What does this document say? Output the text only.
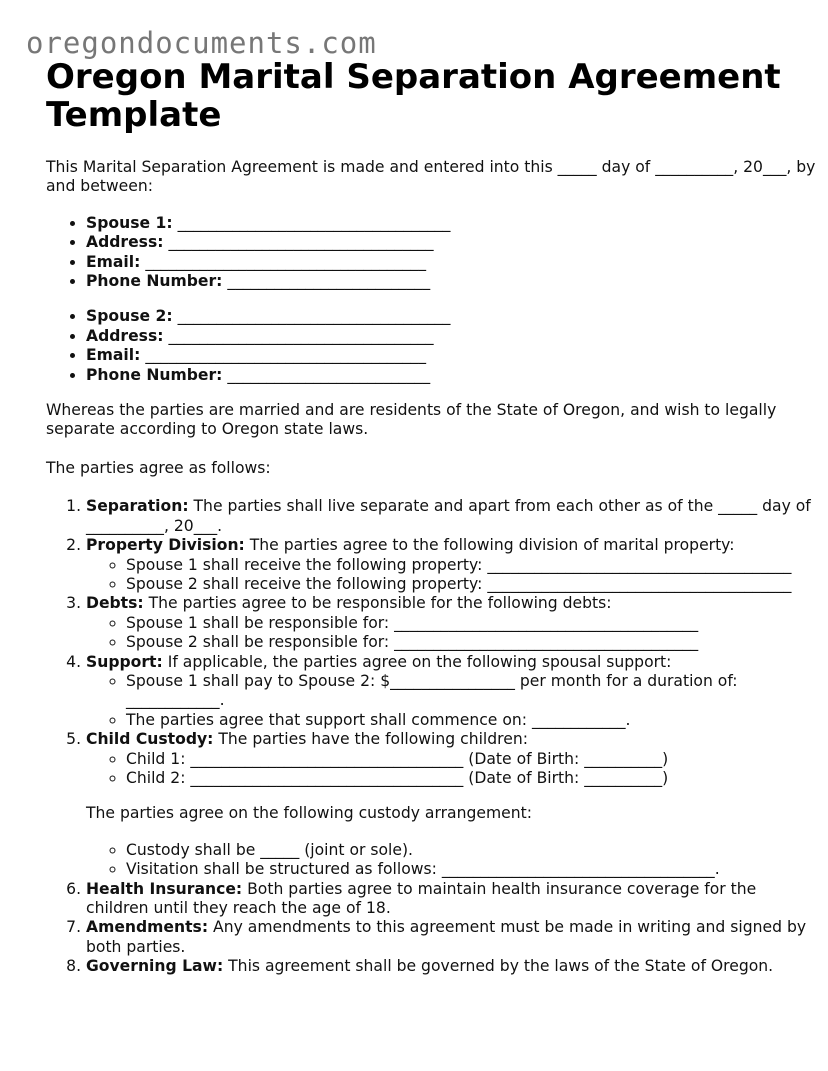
oregondocuments.com
Oregon Marital Separation Agreement Template

This Marital Separation Agreement is made and entered into this _____ day of __________, 20___, by and between:

• Spouse 1: ___________________________________
• Address: __________________________________
• Email: ____________________________________
• Phone Number: __________________________
• Spouse 2: ___________________________________
• Address: __________________________________
• Email: ____________________________________
• Phone Number: __________________________

Whereas the parties are married and are residents of the State of Oregon, and wish to legally separate according to Oregon state laws.

The parties agree as follows:

1. Separation: The parties shall live separate and apart from each other as of the _____ day of __________, 20___.
2. Property Division: The parties agree to the following division of marital property:
◦ Spouse 1 shall receive the following property: _______________________________________
◦ Spouse 2 shall receive the following property: _______________________________________
3. Debts: The parties agree to be responsible for the following debts:
◦ Spouse 1 shall be responsible for: _______________________________________
◦ Spouse 2 shall be responsible for: _______________________________________
4. Support: If applicable, the parties agree on the following spousal support:
◦ Spouse 1 shall pay to Spouse 2: $________________ per month for a duration of: ____________.
◦ The parties agree that support shall commence on: ____________.
5. Child Custody: The parties have the following children:
◦ Child 1: ___________________________________ (Date of Birth: __________)
◦ Child 2: ___________________________________ (Date of Birth: __________)

The parties agree on the following custody arrangement:

◦ Custody shall be _____ (joint or sole).
◦ Visitation shall be structured as follows: ___________________________________.
6. Health Insurance: Both parties agree to maintain health insurance coverage for the children until they reach the age of 18.
7. Amendments: Any amendments to this agreement must be made in writing and signed by both parties.
8. Governing Law: This agreement shall be governed by the laws of the State of Oregon.
